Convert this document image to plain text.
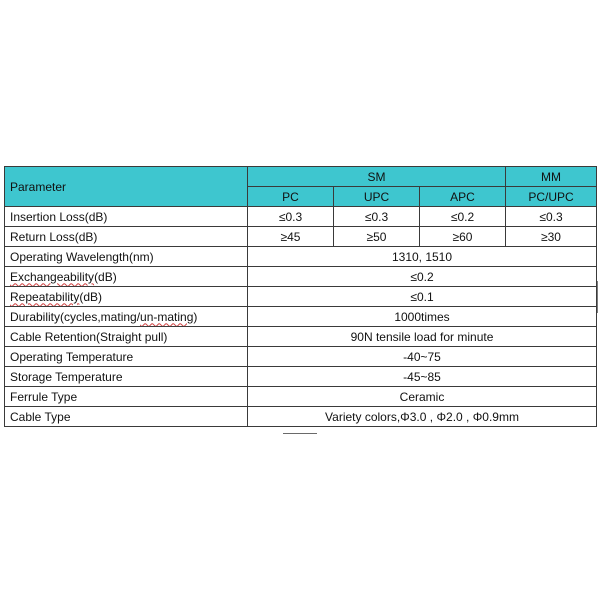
Parameter	SM			MM
	PC	UPC	APC	PC/UPC
Insertion Loss(dB)	≤0.3	≤0.3	≤0.2	≤0.3
Return Loss(dB)	≥45	≥50	≥60	≥30
Operating Wavelength(nm)	1310, 1510			
Exchangeability(dB)	≤0.2			
Repeatability(dB)	≤0.1			
Durability(cycles,mating/un-mating)	1000times			
Cable Retention(Straight pull)	90N tensile load for minute			
Operating Temperature	-40~75			
Storage Temperature	-45~85			
Ferrule Type	Ceramic			
Cable Type	Variety colors,Φ3.0 , Φ2.0 , Φ0.9mm			
